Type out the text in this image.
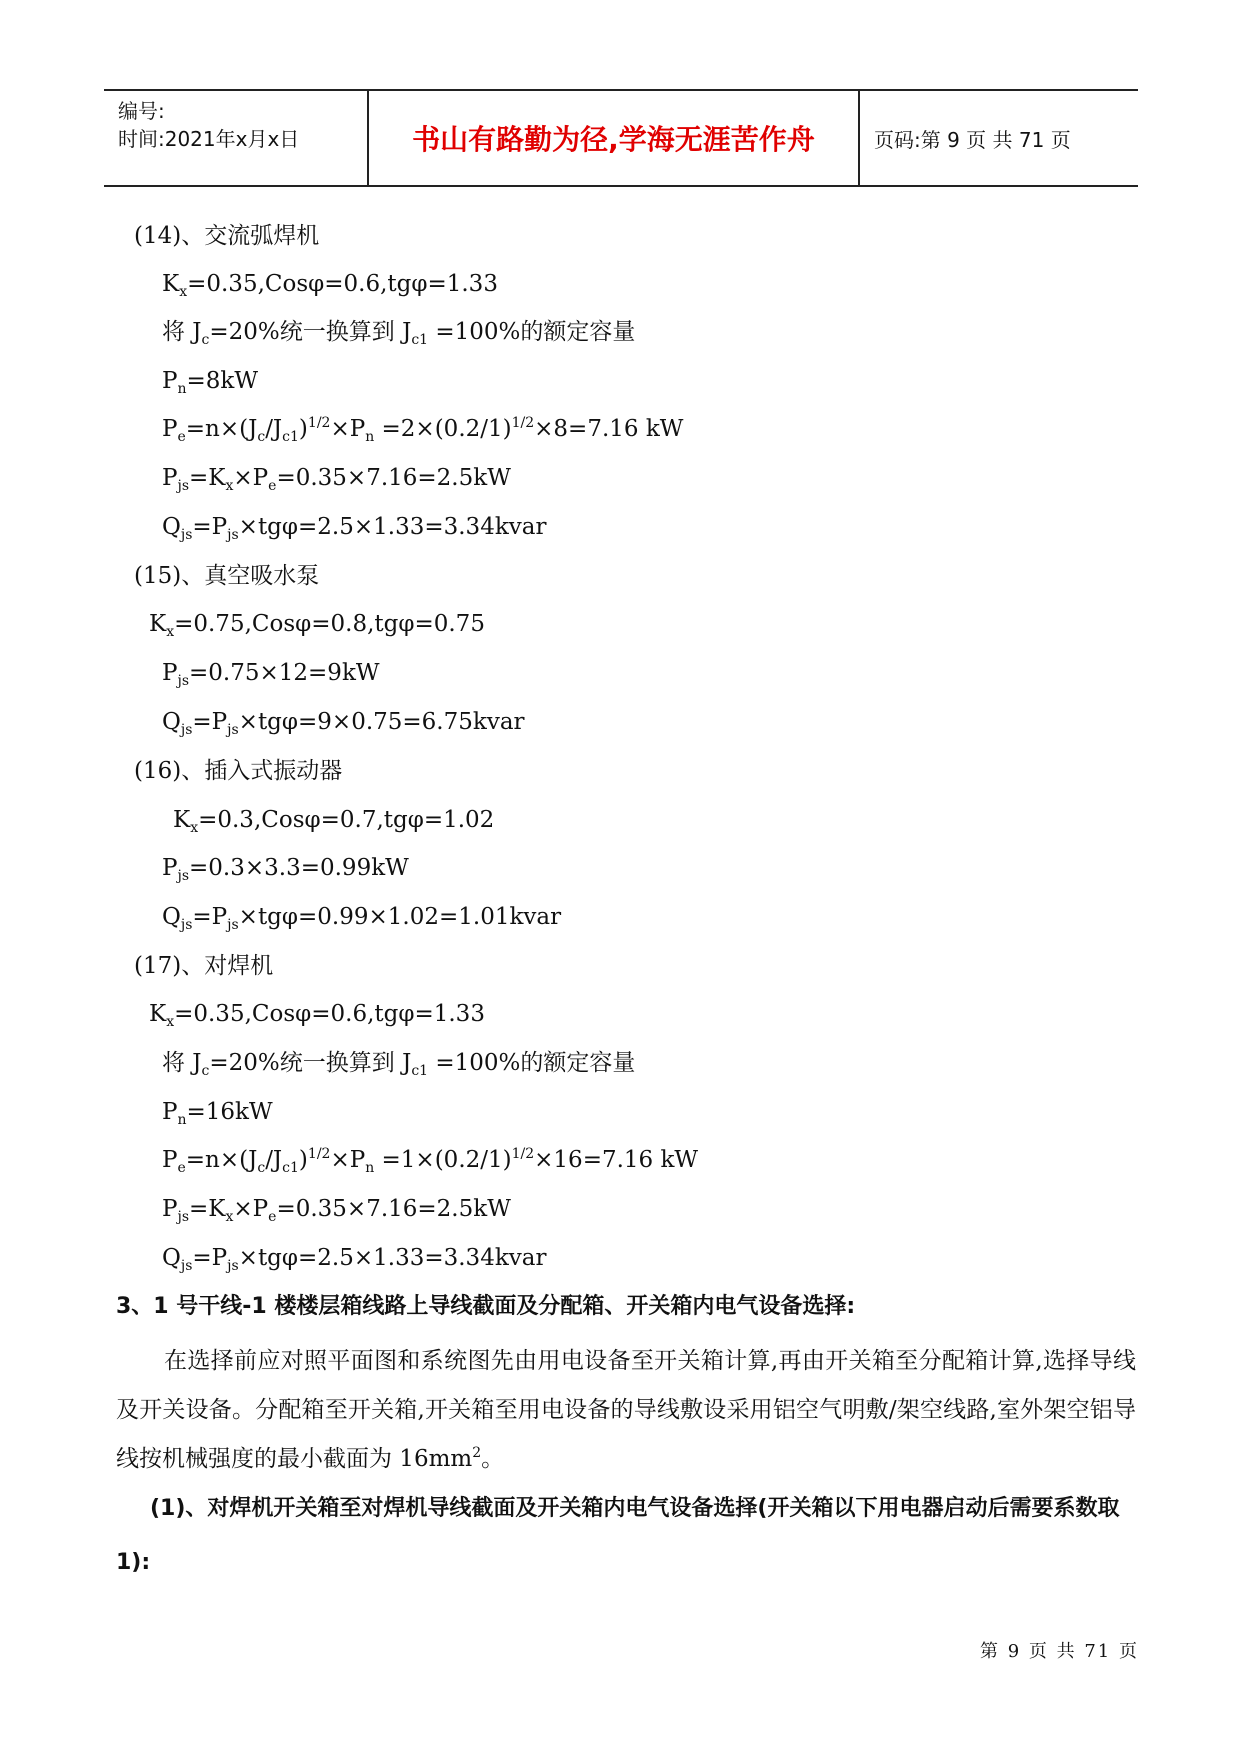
编号:
时间:2021年x月x日	书山有路勤为径,学海无涯苦作舟	页码:第 9 页 共 71 页
(14)、交流弧焊机
$K_x=0.35,Cos\varphi=0.6,tg\varphi=1.33$
将 $J_c=20\%$统一换算到 $J_{c1} =100\%$的额定容量
$P_n=8kW$
$P_e=n\times(J_c/J_{c1})^{1/2}\times P_n =2\times(0.2/1)^{1/2}\times 8=7.16$ kW
$P_{js}=K_x\times P_e=0.35\times 7.16=2.5kW$
$Q_{js}=P_{js}\times tg\varphi=2.5\times 1.33=3.34kvar$
(15)、真空吸水泵
$K_x=0.75,Cos\varphi=0.8,tg\varphi=0.75$
$P_{js}=0.75\times 12=9kW$
$Q_{js}=P_{js}\times tg\varphi=9\times 0.75=6.75kvar$
(16)、插入式振动器
$K_x=0.3,Cos\varphi=0.7,tg\varphi=1.02$
$P_{js}=0.3\times 3.3=0.99kW$
$Q_{js}=P_{js}\times tg\varphi=0.99\times 1.02=1.01kvar$
(17)、对焊机
$K_x=0.35,Cos\varphi=0.6,tg\varphi=1.33$
将 $J_c=20\%$统一换算到 $J_{c1} =100\%$的额定容量
$P_n=16kW$
$P_e=n\times(J_c/J_{c1})^{1/2}\times P_n =1\times(0.2/1)^{1/2}\times 16=7.16$ kW
$P_{js}=K_x\times P_e=0.35\times 7.16=2.5kW$
$Q_{js}=P_{js}\times tg\varphi=2.5\times 1.33=3.34kvar$
3、1 号干线-1 楼楼层箱线路上导线截面及分配箱、开关箱内电气设备选择:
在选择前应对照平面图和系统图先由用电设备至开关箱计算,再由开关箱至分配箱计算,选择导线及开关设备。分配箱至开关箱,开关箱至用电设备的导线敷设采用铝空气明敷/架空线路,室外架空铝导线按机械强度的最小截面为 $16mm^2$。
(1)、对焊机开关箱至对焊机导线截面及开关箱内电气设备选择(开关箱以下用电器启动后需要系数取 1):
第 9 页 共 71 页
